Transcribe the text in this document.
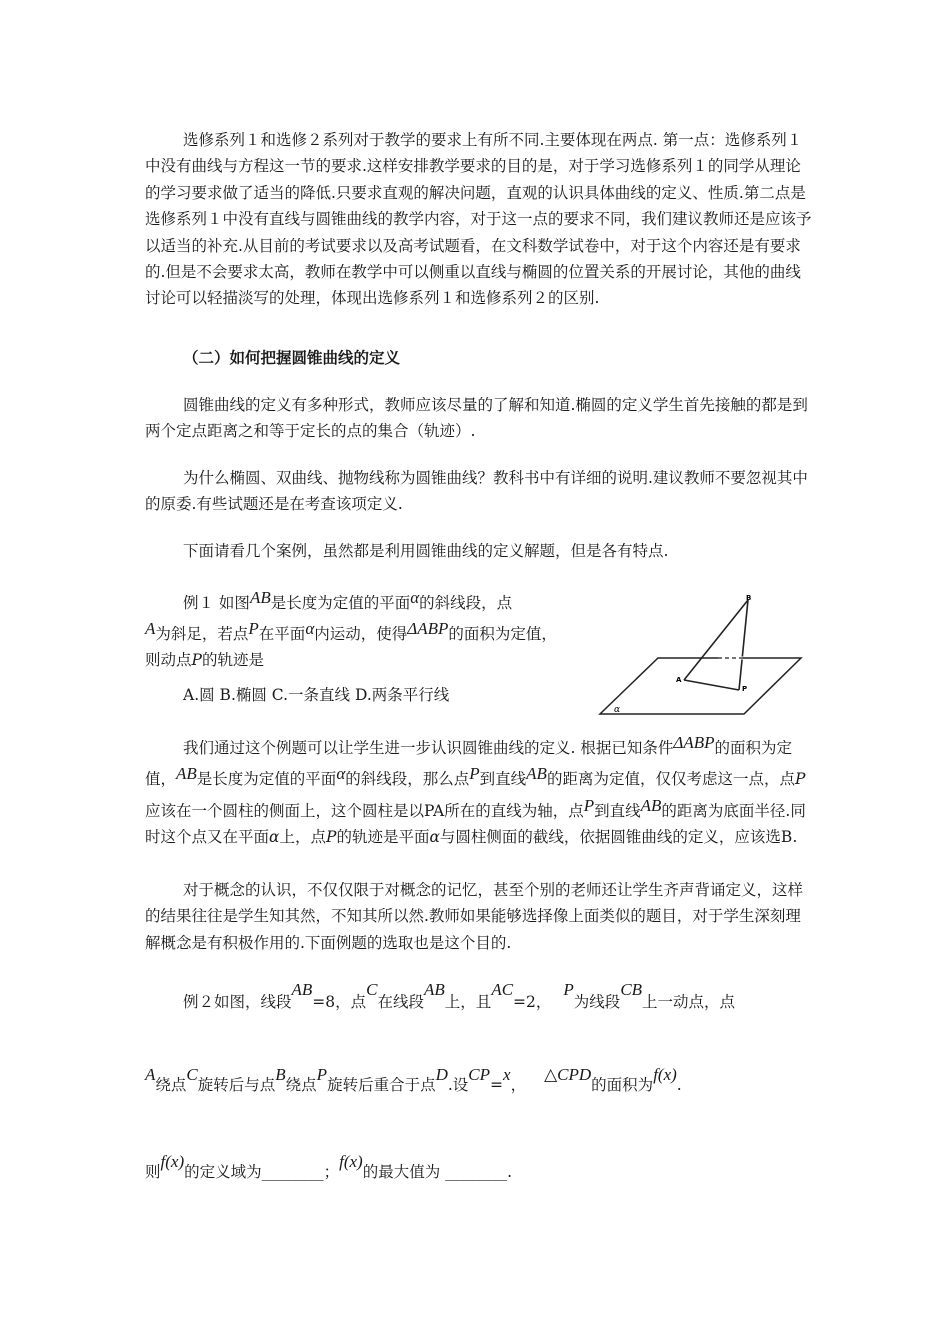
选修系列１和选修２系列对于教学的要求上有所不同.主要体现在两点. 第一点：选修系列１中没有曲线与方程这一节的要求.这样安排教学要求的目的是，对于学习选修系列１的同学从理论的学习要求做了适当的降低.只要求直观的解决问题，直观的认识具体曲线的定义、性质.第二点是选修系列１中没有直线与圆锥曲线的教学内容，对于这一点的要求不同，我们建议教师还是应该予以适当的补充.从目前的考试要求以及高考试题看，在文科数学试卷中，对于这个内容还是有要求的.但是不会要求太高，教师在教学中可以侧重以直线与椭圆的位置关系的开展讨论，其他的曲线讨论可以轻描淡写的处理，体现出选修系列１和选修系列２的区别.

（二）如何把握圆锥曲线的定义

圆锥曲线的定义有多种形式，教师应该尽量的了解和知道.椭圆的定义学生首先接触的都是到两个定点距离之和等于定长的点的集合（轨迹）.

为什么椭圆、双曲线、抛物线称为圆锥曲线？教科书中有详细的说明.建议教师不要忽视其中的原委.有些试题还是在考查该项定义.

下面请看几个案例，虽然都是利用圆锥曲线的定义解题，但是各有特点.

例１ 如图AB是长度为定值的平面α的斜线段，点
A为斜足，若点P在平面α内运动，使得ΔABP的面积为定值，则动点P的轨迹是
A.圆 B.椭圆 C.一条直线 D.两条平行线
B
A
P
α

我们通过这个例题可以让学生进一步认识圆锥曲线的定义. 根据已知条件ΔABP的面积为定值，AB是长度为定值的平面α的斜线段，那么点P到直线AB的距离为定值，仅仅考虑这一点，点P应该在一个圆柱的侧面上，这个圆柱是以PA所在的直线为轴，点P到直线AB的距离为底面半径.同时这个点又在平面α上，点P的轨迹是平面α与圆柱侧面的截线，依据圆锥曲线的定义，应该选B.

对于概念的认识，不仅仅限于对概念的记忆，甚至个别的老师还让学生齐声背诵定义，这样的结果往往是学生知其然，不知其所以然.教师如果能够选择像上面类似的题目，对于学生深刻理解概念是有积极作用的.下面例题的选取也是这个目的.

例２如图，线段AB=8，点C在线段AB上，且AC=2，P为线段CB上一动点，点
A绕点C旋转后与点B绕点P旋转后重合于点D.设CP=x，△CPD的面积为f(x).
则f(x)的定义域为________；f(x)的最大值为 ________.
